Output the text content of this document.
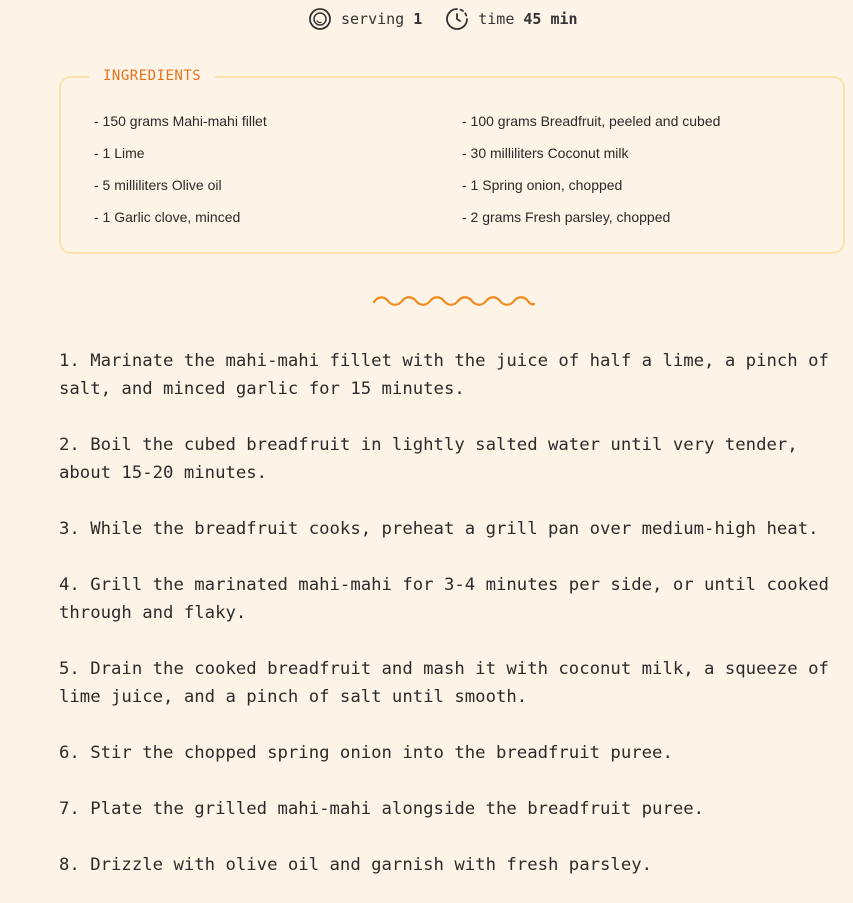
serving 1	time 45 min
INGREDIENTS
- 150 grams Mahi-mahi fillet	- 100 grams Breadfruit, peeled and cubed
- 1 Lime	- 30 milliliters Coconut milk
- 5 milliliters Olive oil	- 1 Spring onion, chopped
- 1 Garlic clove, minced	- 2 grams Fresh parsley, chopped
1. Marinate the mahi-mahi fillet with the juice of half a lime, a pinch of salt, and minced garlic for 15 minutes.
2. Boil the cubed breadfruit in lightly salted water until very tender, about 15-20 minutes.
3. While the breadfruit cooks, preheat a grill pan over medium-high heat.
4. Grill the marinated mahi-mahi for 3-4 minutes per side, or until cooked through and flaky.
5. Drain the cooked breadfruit and mash it with coconut milk, a squeeze of lime juice, and a pinch of salt until smooth.
6. Stir the chopped spring onion into the breadfruit puree.
7. Plate the grilled mahi-mahi alongside the breadfruit puree.
8. Drizzle with olive oil and garnish with fresh parsley.
